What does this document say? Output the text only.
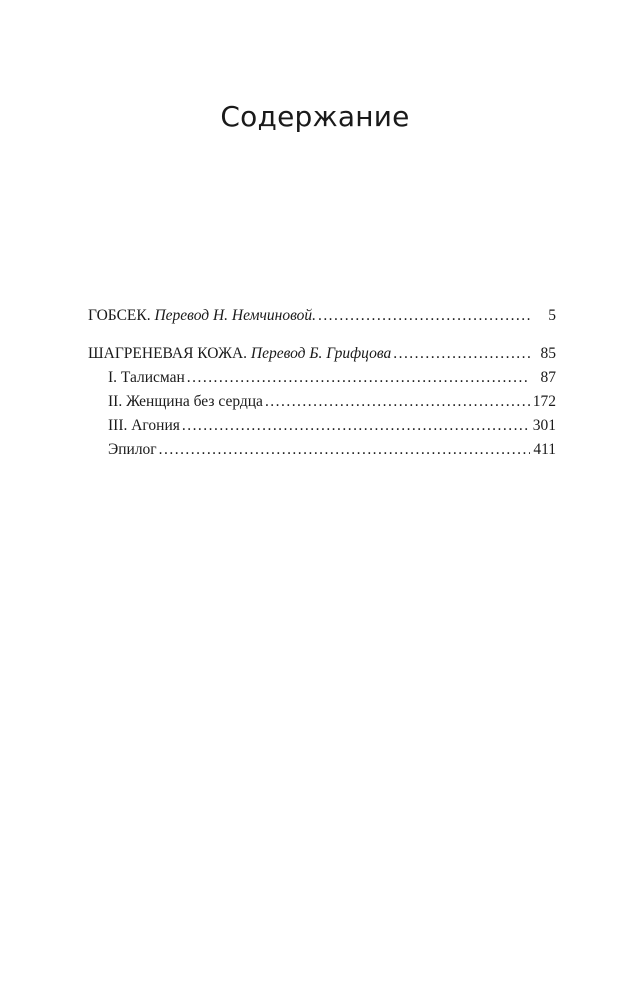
Содержание
ГОБСЕК. Перевод Н. Немчиновой. . . .	5
ШАГРЕНЕВАЯ КОЖА. Перевод Б. Грифцова . . .	85
I. Талисман . . .	87
II. Женщина без сердца . . .	172
III. Агония . . .	301
Эпилог . . .	411
